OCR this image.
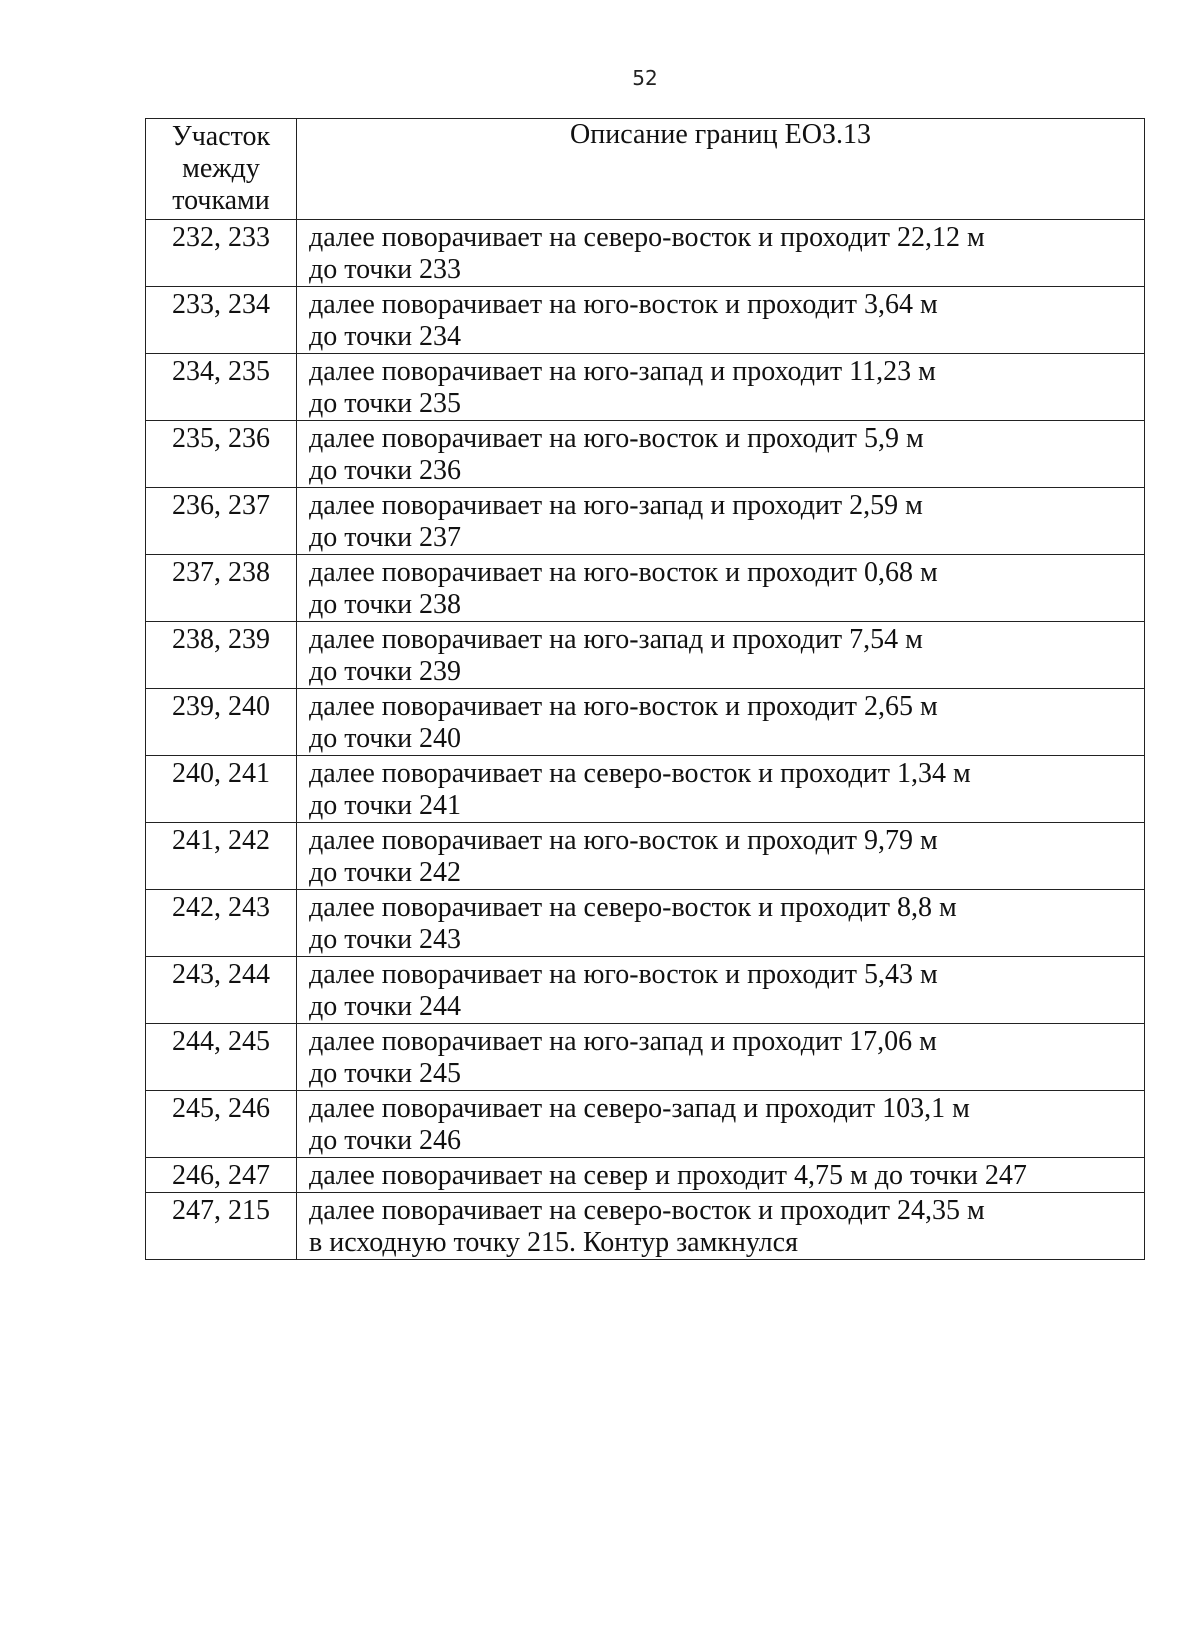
52
Участок
между
точками	Описание границ ЕОЗ.13
232, 233	далее поворачивает на северо-восток и проходит 22,12 м
до точки 233
233, 234	далее поворачивает на юго-восток и проходит 3,64 м
до точки 234
234, 235	далее поворачивает на юго-запад и проходит 11,23 м
до точки 235
235, 236	далее поворачивает на юго-восток и проходит 5,9 м
до точки 236
236, 237	далее поворачивает на юго-запад и проходит 2,59 м
до точки 237
237, 238	далее поворачивает на юго-восток и проходит 0,68 м
до точки 238
238, 239	далее поворачивает на юго-запад и проходит 7,54 м
до точки 239
239, 240	далее поворачивает на юго-восток и проходит 2,65 м
до точки 240
240, 241	далее поворачивает на северо-восток и проходит 1,34 м
до точки 241
241, 242	далее поворачивает на юго-восток и проходит 9,79 м
до точки 242
242, 243	далее поворачивает на северо-восток и проходит 8,8 м
до точки 243
243, 244	далее поворачивает на юго-восток и проходит 5,43 м
до точки 244
244, 245	далее поворачивает на юго-запад и проходит 17,06 м
до точки 245
245, 246	далее поворачивает на северо-запад и проходит 103,1 м
до точки 246
246, 247	далее поворачивает на север и проходит 4,75 м до точки 247
247, 215	далее поворачивает на северо-восток и проходит 24,35 м
в исходную точку 215. Контур замкнулся
